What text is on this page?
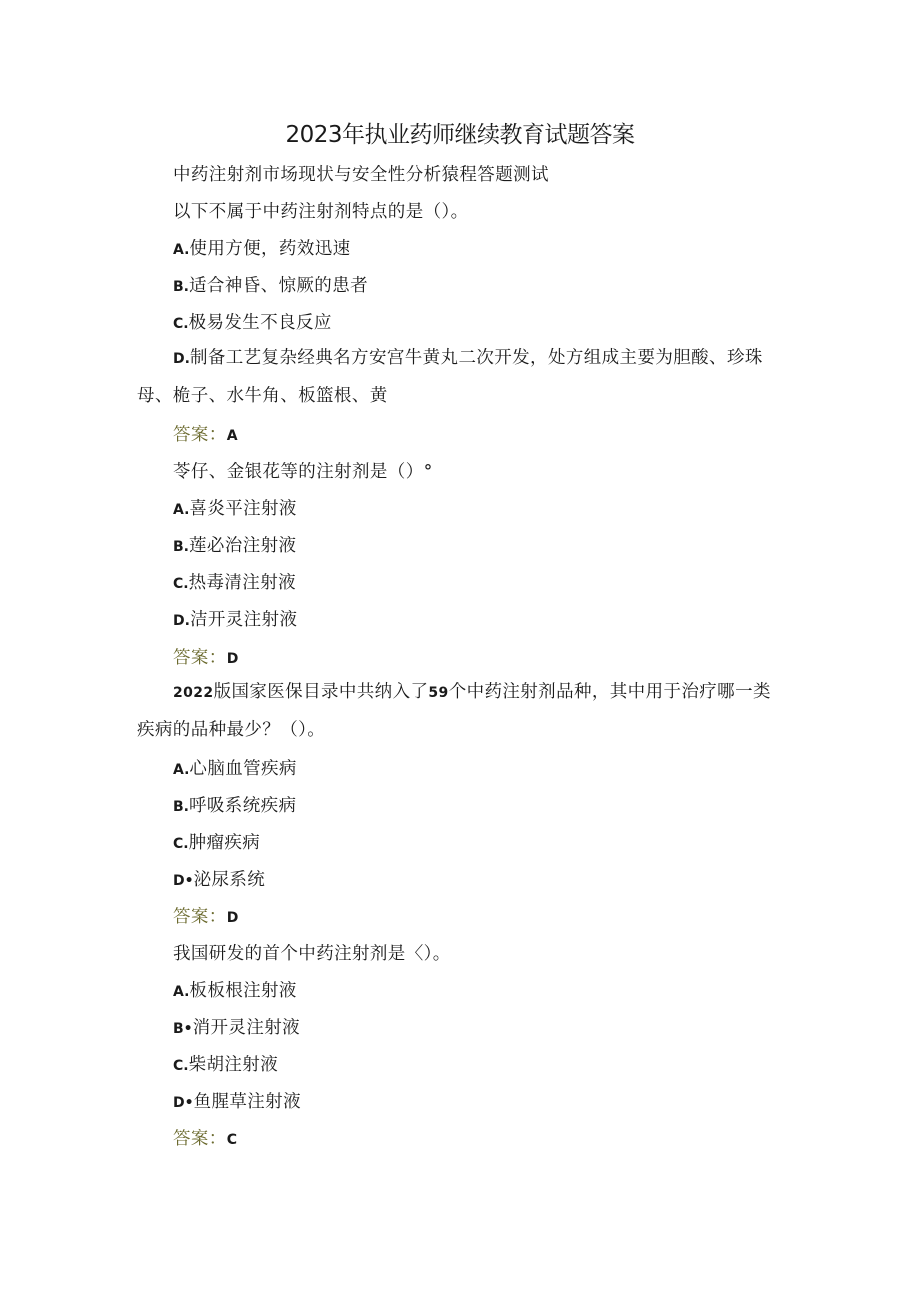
2023年执业药师继续教育试题答案
中药注射剂市场现状与安全性分析猿程答题测试
以下不属于中药注射剂特点的是（）。
A.使用方便，药效迅速
B.适合神昏、惊厥的患者
C.极易发生不良反应
D.制备工艺复杂经典名方安宫牛黄丸二次开发，处方组成主要为胆酸、珍珠母、桅子、水牛角、板篮根、黄
答案：A
苓仔、金银花等的注射剂是（）°
A.喜炎平注射液
B.莲必治注射液
C.热毒清注射液
D.洁开灵注射液
答案：D
2022版国家医保目录中共纳入了59个中药注射剂品种，其中用于治疗哪一类疾病的品种最少？（）。
A.心脑血管疾病
B.呼吸系统疾病
C.肿瘤疾病
D•泌尿系统
答案：D
我国研发的首个中药注射剂是〈）。
A.板板根注射液
B•消开灵注射液
C.柴胡注射液
D•鱼腥草注射液
答案：C
